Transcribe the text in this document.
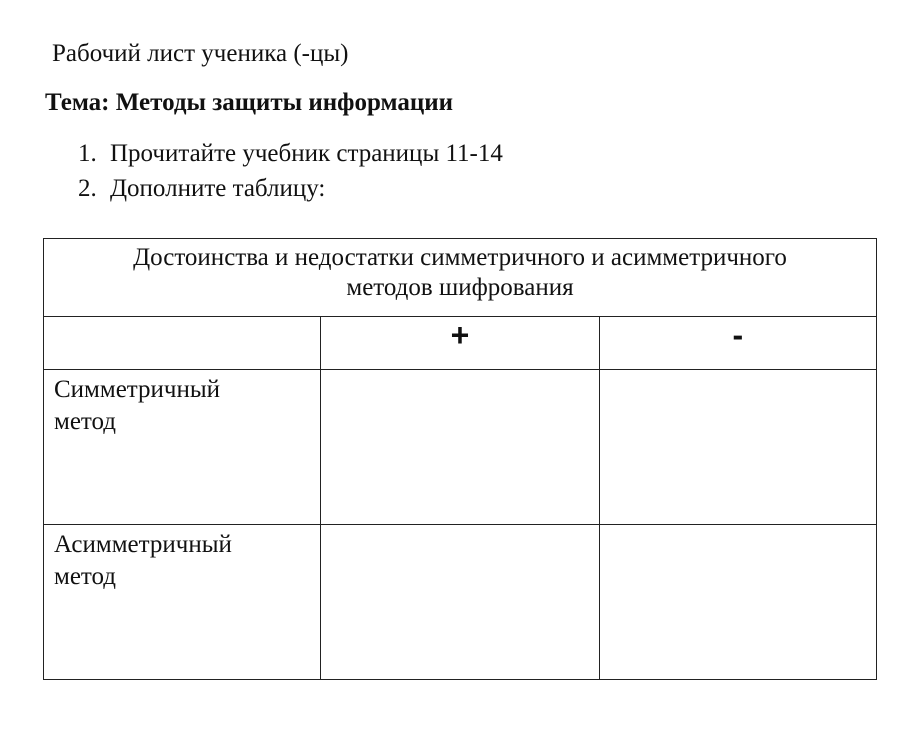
Рабочий лист ученика (-цы)
Тема: Методы защиты информации
1. Прочитайте учебник страницы 11-14
2. Дополните таблицу:
Достоинства и недостатки симметричного и асимметричного
методов шифрования		

	+	-

Симметричный
метод		

Асимметричный
метод		
